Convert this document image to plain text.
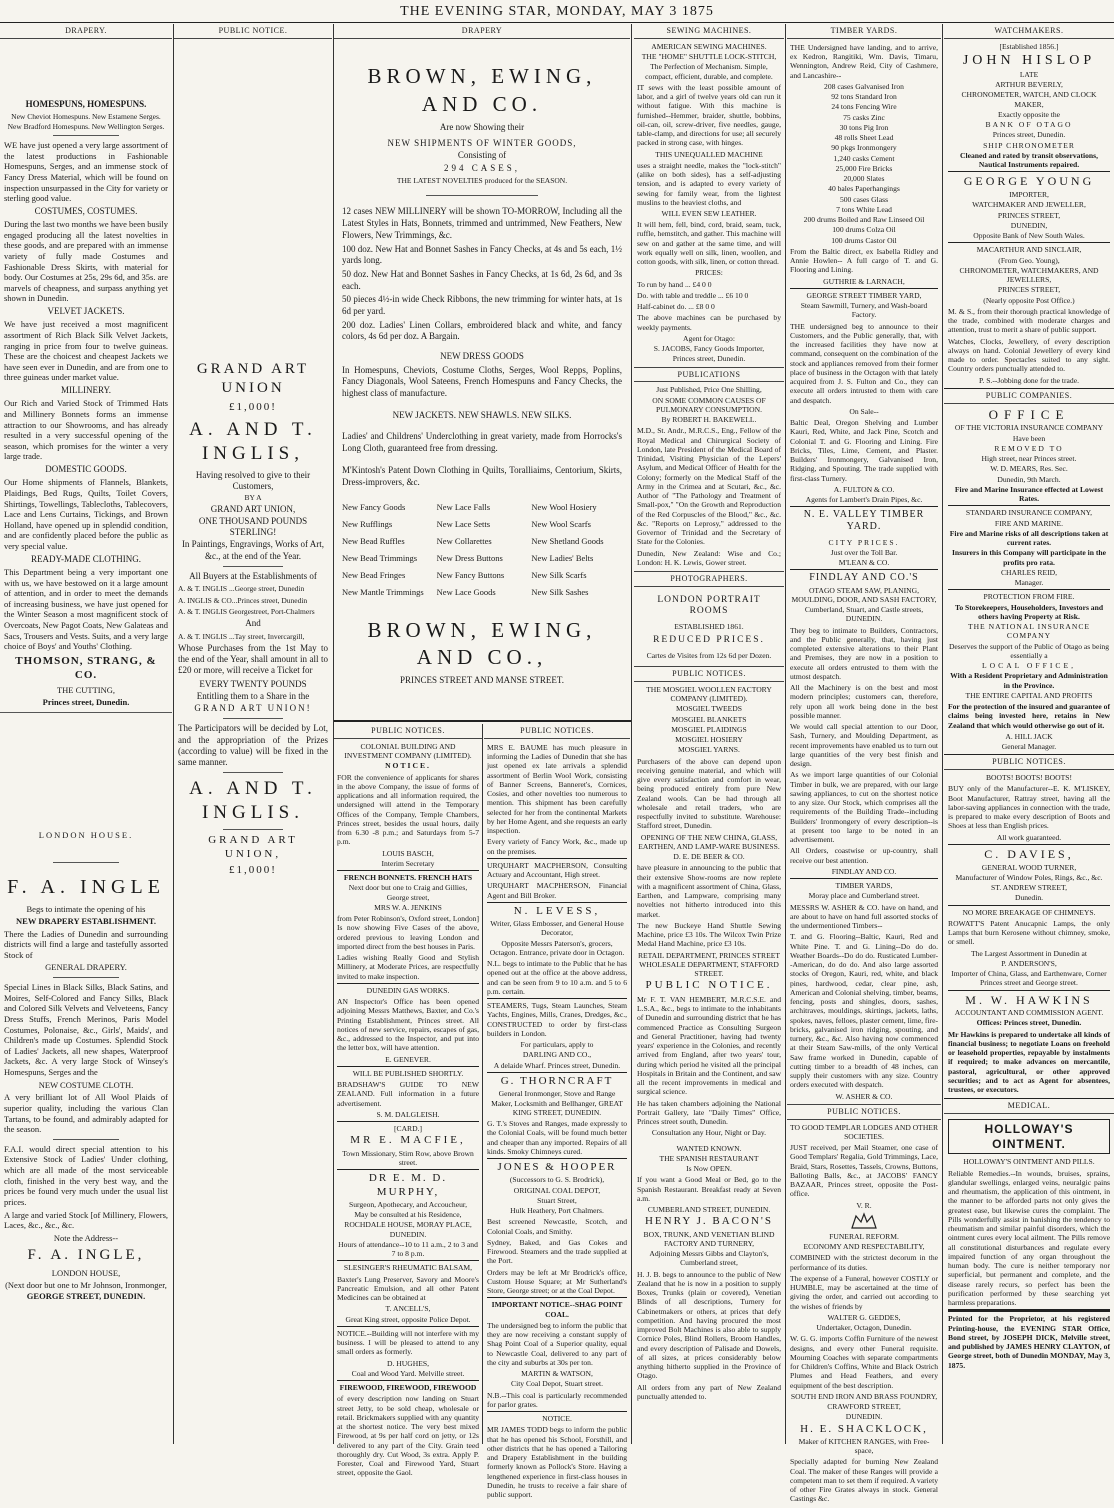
THE EVENING STAR, MONDAY, MAY 3 1875
DRAPERY.
HOMESPUNS, HOMESPUNS.
New Cheviot Homespuns. New Estamene Serges. New Bradford Homespuns. New Wellington Serges.
WE have just opened a very large assortment of the latest productions in Fashionable Homespuns, Serges, and an immense stock of Fancy Dress Material, which will be found on inspection unsurpassed in the City for variety or sterling good value.
COSTUMES, COSTUMES.
During the last two months we have been busily engaged producing all the latest novelties in these goods, and are prepared with an immense variety of fully made Costumes and Fashionable Dress Skirts, with material for body. Our Costumes at 25s, 29s 6d, and 35s. are marvels of cheapness, and surpass anything yet shown in Dunedin.
VELVET JACKETS.
We have just received a most magnificent assortment of Rich Black Silk Velvet Jackets, ranging in price from four to twelve guineas. These are the choicest and cheapest Jackets we have seen ever in Dunedin, and are from one to three guineas under market value.
MILLINERY.
Our Rich and Varied Stock of Trimmed Hats and Millinery Bonnets forms an immense attraction to our Showrooms, and has already resulted in a very successful opening of the season, which promises for the winter a very large trade.
DOMESTIC GOODS.
Our Home shipments of Flannels, Blankets, Plaidings, Bed Rugs, Quilts, Toilet Covers, Shirtings, Towellings, Tablecloths, Tablecovers, Lace and Lens Curtains, Tickings, and Brown Holland, have opened up in splendid condition, and are confidently placed before the public as very special value.
READY-MADE CLOTHING.
This Department being a very important one with us, we have bestowed on it a large amount of attention, and in order to meet the demands of increasing business, we have just opened for the Winter Season a most magnificent stock of Overcoats, New Pagot Coats, New Galateas and Sacs, Trousers and Vests. Suits, and a very large choice of Boys' and Youths' Clothing.
THOMSON, STRANG, & CO.
THE CUTTING,
Princes street, Dunedin.
LONDON HOUSE.
F. A. INGLE
Begs to intimate the opening of his
NEW DRAPERY ESTABLISHMENT.
There the Ladies of Dunedin and surrounding districts will find a large and tastefully assorted Stock of
GENERAL DRAPERY.
Special Lines in Black Silks, Black Satins, and Moires, Self-Colored and Fancy Silks, Black and Colored Silk Velvets and Velveteens, Fancy Dress Stuffs, French Merinos, Paris Model Costumes, Polonaise, &c., Girls', Maids', and Children's made up Costumes. Splendid Stock of Ladies' Jackets, all new shapes, Waterproof Jackets, &c. A very large Stock of Winsey's Homespuns, Serges and the
NEW COSTUME CLOTH.
A very brilliant lot of All Wool Plaids of superior quality, including the various Clan Tartans, to be found, and admirably adapted for the season.
F.A.I. would direct special attention to his Extensive Stock of Ladies' Under clothing, which are all made of the most serviceable cloth, finished in the very best way, and the prices be found very much under the usual list prices.
A large and varied Stock [of Millinery, Flowers, Laces, &c., &c., &c.
Note the Address--
F. A. INGLE,
LONDON HOUSE,
(Next door but one to Mr Johnson, Ironmonger,
GEORGE STREET, DUNEDIN.
PUBLIC NOTICE.
GRAND ART UNION
£1,000!
A. AND T. INGLIS,
Having resolved to give to their Customers,
BY A
GRAND ART UNION,
ONE THOUSAND POUNDS STERLING!
In Paintings, Engravings, Works of Art, &c., at the end of the Year.
All Buyers at the Establishments of
A. & T. INGLIS ...George street, Dunedin
A. INGLIS & CO...Princes street, Dunedin
A. & T. INGLIS Georgestreet, Port-Chalmers
And
A. & T. INGLIS ...Tay street, Invercargill,
Whose Purchases from the 1st May to the end of the Year, shall amount in all to £20 or more, will receive a Ticket for
EVERY TWENTY POUNDS
Entitling them to a Share in the
GRAND ART UNION!
The Participators will be decided by Lot, and the appropriation of the Prizes (according to value) will be fixed in the same manner.
A. AND T. INGLIS.
GRAND ART UNION,
£1,000!
DRAPERY
BROWN, EWING, AND CO.
Are now Showing their
NEW SHIPMENTS OF WINTER GOODS,
Consisting of
294 CASES,
THE LATEST NOVELTIES produced for the SEASON.
12 cases NEW MILLINERY will be shown TO-MORROW, Including all the Latest Styles in Hats, Bonnets, trimmed and untrimmed, New Feathers, New Flowers, New Trimmings, &c.
100 doz. New Hat and Bonnet Sashes in Fancy Checks, at 4s and 5s each, 1½ yards long.
50 doz. New Hat and Bonnet Sashes in Fancy Checks, at 1s 6d, 2s 6d, and 3s each.
50 pieces 4½-in wide Check Ribbons, the new trimming for winter hats, at 1s 6d per yard.
200 doz. Ladies' Linen Collars, embroidered black and white, and fancy colors, 4s 6d per doz. A Bargain.
NEW DRESS GOODS
In Homespuns, Cheviots, Costume Cloths, Serges, Wool Repps, Poplins, Fancy Diagonals, Wool Sateens, French Homespuns and Fancy Checks, the highest class of manufacture.
NEW JACKETS. NEW SHAWLS. NEW SILKS.
Ladies' and Childrens' Underclothing in great variety, made from Horrocks's Long Cloth, guaranteed free from dressing.
M'Kintosh's Patent Down Clothing in Quilts, Toralliaims, Centorium, Skirts, Dress-improvers, &c.
New Fancy Goods	New Lace Falls	New Wool Hosiery
New Rufflings	New Lace Setts	New Wool Scarfs
New Bead Ruffles	New Collarettes	New Shetland Goods
New Bead Trimmings	New Dress Buttons	New Ladies' Belts
New Bead Fringes	New Fancy Buttons	New Silk Scarfs
New Mantle Trimmings	New Lace Goods	New Silk Sashes
BROWN, EWING, AND CO.,
PRINCES STREET AND MANSE STREET.
PUBLIC NOTICES.
COLONIAL BUILDING AND INVESTMENT COMPANY (LIMITED).
NOTICE.
FOR the convenience of applicants for shares in the above Company, the issue of forms of applications and all information required, the undersigned will attend in the Temporary Offices of the Company, Temple Chambers, Princes street, besides the usual hours, daily from 6.30 -8 p.m.; and Saturdays from 5-7 p.m.
LOUIS BASCH,
Interim Secretary
FRENCH BONNETS. FRENCH HATS
Next door but one to Craig and Gillies, George street,
MRS W. A. JENKINS
from Peter Robinson's, Oxford street, London] Is now showing Five Cases of the above, ordered previous to leaving London and imported direct from the best houses in Paris.
Ladies wishing Really Good and Stylish Millinery, at Moderate Prices, are respectfully invited to make inspection.
DUNEDIN GAS WORKS.
AN Inspector's Office has been opened adjoining Messrs Matthews, Baxter, and Co.'s Printing Establishment, Princes street. All notices of new service, repairs, escapes of gas, &c., addressed to the Inspector, and put into the letter box, will have attention.
E. GENEVER.
WILL BE PUBLISHED SHORTLY.
BRADSHAW'S GUIDE TO NEW ZEALAND. Full information in a future advertisement.
S. M. DALGLEISH.
[CARD.]
MR E. MACFIE,
Town Missionary, Stirn Row, above Brown street.
DR E. M. D. MURPHY,
Surgeon, Apothecary, and Accoucheur,
May be consulted at his Residence,
ROCHDALE HOUSE, MORAY PLACE, DUNEDIN.
Hours of attendance--10 to 11 a.m., 2 to 3 and 7 to 8 p.m.
SLESINGER'S RHEUMATIC BALSAM,
Baxter's Lung Preserver, Savory and Moore's Pancreatic Emulsion, and all other Patent Medicines can be obtained at
T. ANCELL'S,
Great King street, opposite Police Depot.
NOTICE.--Building will not interfere with my business. I will be pleased to attend to any small orders as formerly.
D. HUGHES,
Coal and Wood Yard. Melville street.
FIREWOOD, FIREWOOD, FIREWOOD
of every description now landing on Stuart street Jetty, to be sold cheap, wholesale or retail. Brickmakers supplied with any quantity at the shortest notice. The very best mixed Firewood, at 9s per half cord on jetty, or 12s delivered to any part of the City. Grain teed thoroughly dry. Cut Wood, 3s extra. Apply P. Forester, Coal and Firewood Yard, Stuart street, opposite the Gaol.
PUBLIC NOTICES.
MRS E. BAUME has much pleasure in informing the Ladies of Dunedin that she has just opened ex late arrivals a splendid assortment of Berlin Wool Work, consisting of Banner Screens, Banneret's, Cornices, Cosies, and other novelties too numerous to mention. This shipment has been carefully selected for her from the continental Markets by her Home Agent, and she requests an early inspection.
Every variety of Fancy Work, &c., made up on the premises.
URQUHART MACPHERSON, Consulting Actuary and Accountant, High street.
URQUHART MACPHERSON, Financial Agent and Bill Broker.
N. LEVESS,
Writer, Glass Embosser, and General House Decorator,
Opposite Messrs Paterson's, grocers, Octagon. Entrance, private door in Octagon.
N.L. begs to intimate to the Public that he has opened out at the office at the above address, and can be seen from 9 to 10 a.m. and 5 to 6 p.m. certain.
STEAMERS, Tugs, Steam Launches, Steam Yachts, Engines, Mills, Cranes, Dredges, &c., CONSTRUCTED to order by first-class builders in London.
For particulars, apply to
DARLING AND CO.,
A delaide Wharf. Princes street, Dunedin.
G. THORNCRAFT
General Ironmonger, Stove and Range Maker, Locksmith and Bellhanger, GREAT KING STREET, DUNEDIN.
G. T.'s Stoves and Ranges, made expressly to the Colonial Coals, will be found much better and cheaper than any imported. Repairs of all kinds. Smoky Chimneys cured.
JONES & HOOPER
(Successors to G. S. Brodrick),
ORIGINAL COAL DEPOT,
Stuart Street,
Hulk Heathery, Port Chalmers.
Best screened Newcastle, Scotch, and Colonial Coals, and Smithy.
Sydney, Baked, and Gas Cokes and Firewood. Steamers and the trade supplied at the Port.
Orders may be left at Mr Brodrick's office, Custom House Square; at Mr Sutherland's Store, George street; or at the Coal Depot.
IMPORTANT NOTICE--SHAG POINT COAL.
The undersigned beg to inform the public that they are now receiving a constant supply of Shag Point Coal of a Superior quality, equal to Newcastle Coal, delivered to any part of the city and suburbs at 30s per ton.
MARTIN & WATSON,
City Coal Depot, Stuart street.
N.B.--This coal is particularly recommended for parlor grates.
NOTICE.
MR JAMES TODD begs to inform the public that he has opened his School, Forsthill, and other districts that he has opened a Tailoring and Drapery Establishment in the building formerly known as Pollock's Store. Having a lengthened experience in first-class houses in Dunedin, he trusts to receive a fair share of public support.
SEWING MACHINES.
AMERICAN SEWING MACHINES.
THE "HOME" SHUTTLE LOCK-STITCH,
The Perfection of Mechanism. Simple, compact, efficient, durable, and complete.
IT sews with the least possible amount of labor, and a girl of twelve years old can run it without fatigue. With this machine is furnished--Hemmer, braider, shuttle, bobbins, oil-can, oil, screw-driver, five needles, gauge, table-clamp, and directions for use; all securely packed in strong case, with hinges.
THIS UNEQUALLED MACHINE
uses a straight needle, makes the "lock-stitch" (alike on both sides), has a self-adjusting tension, and is adapted to every variety of sewing for family wear, from the lightest muslins to the heaviest cloths, and
WILL EVEN SEW LEATHER.
It will hem, fell, bind, cord, braid, seam, tuck, ruffle, hemstitch, and gather. This machine will sew on and gather at the same time, and will work equally well on silk, linen, woollen, and cotton goods, with silk, linen, or cotton thread.
PRICES:
To run by hand ... £4 0 0
Do. with table and treddle ... £6 10 0
Half-cabinet do. ... £8 0 0
The above machines can be purchased by weekly payments.
Agent for Otago:
S. JACOBS, Fancy Goods Importer,
Princes street, Dunedin.
PUBLICATIONS
Just Published, Price One Shilling,
ON SOME COMMON CAUSES OF PULMONARY CONSUMPTION.
By ROBERT H. BAKEWELL.
M.D., St. Andr., M.R.C.S., Eng., Fellow of the Royal Medical and Chirurgical Society of London, late President of the Medical Board of Trinidad, Visiting Physician of the Lepers' Asylum, and Medical Officer of Health for the Colony; formerly on the Medical Staff of the Army in the Crimea and at Scutari, &c., &c. Author of "The Pathology and Treatment of Small-pox," "On the Growth and Reproduction of the Red Corpuscles of the Blood," &c., &c. &c. "Reports on Leprosy," addressed to the Governor of Trinidad and the Secretary of State for the Colonies.
Dunedin, New Zealand: Wise and Co.; London: H. K. Lewis, Gower street.
PHOTOGRAPHERS.
LONDON PORTRAIT ROOMS
ESTABLISHED 1861.
REDUCED PRICES.
Cartes de Visites from 12s 6d per Dozen.
PUBLIC NOTICES.
THE MOSGIEL WOOLLEN FACTORY COMPANY (LIMITED).
MOSGIEL TWEEDS
MOSGIEL BLANKETS
MOSGIEL PLAIDINGS
MOSGIEL HOSIERY
MOSGIEL YARNS.
Purchasers of the above can depend upon receiving genuine material, and which will give every satisfaction and comfort in wear, being produced entirely from pure New Zealand wools. Can be had through all wholesale and retail traders, who are respectfully invited to substitute. Warehouse: Stafford street, Dunedin.
OPENING OF THE NEW CHINA, GLASS, EARTHEN, AND LAMP-WARE BUSINESS.
D. E. DE BEER & CO.
have pleasure in announcing to the public that their extensive Show-rooms are now replete with a magnificent assortment of China, Glass, Earthen, and Lampware, comprising many novelties not hitherto introduced into this market.
The new Buckeye Hand Shuttle Sewing Machine, price £3 10s. The Wilcox Twin Prize Medal Hand Machine, price £3 10s.
RETAIL DEPARTMENT, PRINCES STREET WHOLESALE DEPARTMENT, STAFFORD STREET.
PUBLIC NOTICE.
Mr F. T. VAN HEMBERT, M.R.C.S.E. and L.S.A., &c., begs to intimate to the inhabitants of Dunedin and surrounding district that he has commenced Practice as Consulting Surgeon and General Practitioner, having had twenty years' experience in the Colonies, and recently arrived from England, after two years' tour, during which period he visited all the principal Hospitals in Britain and the Continent, and saw all the recent improvements in medical and surgical science.
He has taken chambers adjoining the National Portrait Gallery, late "Daily Times" Office, Princes street south, Dunedin.
Consultation any Hour, Night or Day.
WANTED KNOWN.
THE SPANISH RESTAURANT
Is Now OPEN.
If you want a Good Meal or Bed, go to the Spanish Restaurant. Breakfast ready at Seven a.m.
CUMBERLAND STREET, DUNEDIN.
HENRY J. BACON'S
BOX, TRUNK, AND VENETIAN BLIND FACTORY AND TURNERY,
Adjoining Messrs Gibbs and Clayton's, Cumberland street,
H. J. B. begs to announce to the public of New Zealand that he is now in a position to supply Boxes, Trunks (plain or covered), Venetian Blinds of all descriptions, Turnery for Cabinetmakers or others, at prices that defy competition. And having procured the most improved Bolt Machines is also able to supply Cornice Poles, Blind Rollers, Broom Handles, and every description of Palisade and Dowels, of all sizes, at prices considerably below anything hitherto supplied in the Province of Otago.
All orders from any part of New Zealand punctually attended to.
TIMBER YARDS.
THE Undersigned have landing, and to arrive, ex Kedron, Rangitiki, Wm. Davis, Timaru, Wennington, Andrew Reid, City of Cashmere, and Lancashire--
208 cases Galvanised Iron
92 tons Standard Iron
24 tons Fencing Wire
75 casks Zinc
30 tons Pig Iron
48 rolls Sheet Lead
90 pkgs Ironmongery
1,240 casks Cement
25,000 Fire Bricks
20,000 Slates
40 bales Paperhangings
500 cases Glass
7 tons White Lead
200 drums Boiled and Raw Linseed Oil
100 drums Colza Oil
100 drums Castor Oil
From the Baltic direct, ex Isabella Ridley and Annie Howlen-- A full cargo of T. and G. Flooring and Lining.
GUTHRIE & LARNACH,
GEORGE STREET TIMBER YARD,
Steam Sawmill, Turnery, and Wash-board Factory.
THE undersigned beg to announce to their Customers, and the Public generally, that, with the increased facilities they have now at command, consequent on the combination of the stock and appliances removed from their former place of business in the Octagon with that lately acquired from J. S. Fulton and Co., they can execute all orders intrusted to them with care and despatch.
On Sale--
Baltic Deal, Oregon Shelving and Lumber Kauri, Red, White, and Jack Pine, Scotch and Colonial T. and G. Flooring and Lining. Fire Bricks, Tiles, Lime, Cement, and Plaster. Builders' Ironmongery, Galvanised Iron, Ridging, and Spouting. The trade supplied with first-class Turnery.
A. FULTON & CO.
Agents for Lambert's Drain Pipes, &c.
N. E. VALLEY TIMBER YARD.
CITY PRICES.
Just over the Toll Bar.
M'LEAN & CO.
FINDLAY AND CO.'S
OTAGO STEAM SAW, PLANING, MOULDING, DOOR, AND SASH FACTORY,
Cumberland, Stuart, and Castle streets, DUNEDIN.
They beg to intimate to Builders, Contractors, and the Public generally, that, having just completed extensive alterations to their Plant and Premises, they are now in a position to execute all orders entrusted to them with the utmost despatch.
All the Machinery is on the best and most modern principles; customers can, therefore, rely upon all work being done in the best possible manner.
We would call special attention to our Door, Sash, Turnery, and Moulding Department, as recent improvements have enabled us to turn out large quantities of the very best finish and design.
As we import large quantities of our Colonial Timber in bulk, we are prepared, with our large sawing appliances, to cut on the shortest notice to any size. Our Stock, which comprises all the requirements of the Building Trade--including Builders' Ironmongery of every description--is at present too large to be noted in an advertisement.
All Orders, coastwise or up-country, shall receive our best attention.
FINDLAY AND CO.
TIMBER YARDS,
Moray place and Cumberland street.
MESSRS W. ASHER & CO. have on hand, and are about to have on hand full assorted stocks of the undermentioned Timbers--
T. and G. Flooring--Baltic, Kauri, Red and White Pine. T. and G. Lining--Do do do. Weather Boards--Do do do. Rusticated Lumber--American, do do do. And also large assorted stocks of Oregon, Kauri, red, white, and black pines, hardwood, cedar, clear pine, ash, American and Colonial shelving, timber, beams, fencing, posts and shingles, doors, sashes, architraves, mouldings, skirtings, jackets, laths, spokes, naves, felloes, plaster cement, lime, fire-bricks, galvanised iron ridging, spouting, and turnery, &c., &c. Also having now commenced at their Steam Saw-mills, of the only Vertical Saw frame worked in Dunedin, capable of cutting timber to a breadth of 48 inches, can supply their customers with any size. Country orders executed with despatch.
W. ASHER & CO.
PUBLIC NOTICES.
TO GOOD TEMPLAR LODGES AND OTHER SOCIETIES.
JUST received, per Mail Steamer, one case of Good Templars' Regalia, Gold Trimmings, Lace, Braid, Stars, Rosettes, Tassels, Crowns, Buttons, Balloting Balls, &c., at JACOBS' FANCY BAZAAR, Princes street, opposite the Post-office.
V. R.
FUNERAL REFORM.
ECONOMY AND RESPECTABILITY,
COMBINED with the strictest decorum in the performance of its duties.
The expense of a Funeral, however COSTLY or HUMBLE, may be ascertained at the time of giving the order, and carried out according to the wishes of friends by
WALTER G. GEDDES,
Undertaker, Octagon, Dunedin.
W. G. G. imports Coffin Furniture of the newest designs, and every other Funeral requisite. Mourning Coaches with separate compartments for Children's Coffins, White and Black Ostrich Plumes and Head Feathers, and every equipment of the best description.
SOUTH END IRON AND BRASS FOUNDRY,
CRAWFORD STREET,
DUNEDIN.
H. E. SHACKLOCK,
Maker of KITCHEN RANGES, with Free-space,
Specially adapted for burning New Zealand Coal. The maker of these Ranges will provide a competent man to set them if required. A variety of other Fire Grates always in stock. General Castings &c.
WATCHMAKERS.
[Established 1856.]
JOHN HISLOP
LATE
ARTHUR BEVERLY,
CHRONOMETER, WATCH, AND CLOCK MAKER,
Exactly opposite the
BANK OF OTAGO
Princes street, Dunedin.
SHIP CHRONOMETER
Cleaned and rated by transit observations, Nautical Instruments repaired.
GEORGE YOUNG
IMPORTER,
WATCHMAKER AND JEWELLER,
PRINCES STREET,
DUNEDIN,
Opposite Bank of New South Wales.
MACARTHUR AND SINCLAIR,
(From Geo. Young),
CHRONOMETER, WATCHMAKERS, AND JEWELLERS,
PRINCES STREET,
(Nearly opposite Post Office.)
M. & S., from their thorough practical knowledge of the trade, combined with moderate charges and attention, trust to merit a share of public support.
Watches, Clocks, Jewellery, of every description always on hand. Colonial Jewellery of every kind made to order. Spectacles suited to any sight. Country orders punctually attended to.
P. S.--Jobbing done for the trade.
PUBLIC COMPANIES.
OFFICE
OF THE VICTORIA INSURANCE COMPANY
Have been
REMOVED TO
High street, near Princes street.
W. D. MEARS, Res. Sec.
Dunedin, 9th March.
Fire and Marine Insurance effected at Lowest Rates.
STANDARD INSURANCE COMPANY,
FIRE AND MARINE.
Fire and Marine risks of all descriptions taken at current rates.
Insurers in this Company will participate in the profits pro rata.
CHARLES REID,
Manager.
PROTECTION FROM FIRE.
To Storekeepers, Householders, Investors and others having Property at Risk.
THE NATIONAL INSURANCE COMPANY
Deserves the support of the Public of Otago as being essentially a
LOCAL OFFICE,
With a Resident Proprietary and Administration in the Province.
THE ENTIRE CAPITAL AND PROFITS
For the protection of the insured and guarantee of claims being invested here, retains in New Zealand that which would otherwise go out of it.
A. HILL JACK
General Manager.
PUBLIC NOTICES.
BOOTS! BOOTS! BOOTS!
BUY only of the Manufacturer--E. K. M'LISKEY, Boot Manufacturer, Rattray street, having all the labor-saving appliances in connection with the trade, is prepared to make every description of Boots and Shoes at less than English prices.
All work guaranteed.
C. DAVIES,
GENERAL WOOD TURNER,
Manufacturer of Window Poles, Rings, &c., &c.
ST. ANDREW STREET,
Dunedin.
NO MORE BREAKAGE OF CHIMNEYS.
ROWATT'S Patent Anucapnic Lamps, the only Lamps that burn Kerosene without chimney, smoke, or smell.
The Largest Assortment in Dunedin at
P. ANDERSON'S,
Importer of China, Glass, and Earthenware, Corner Princes street and George street.
M. W. HAWKINS
ACCOUNTANT AND COMMISSION AGENT.
Offices: Princes street, Dunedin.
Mr Hawkins is prepared to undertake all kinds of financial business; to negotiate Loans on freehold or leasehold properties, repayable by instalments if required; to make advances on mercantile, pastoral, agricultural, or other approved securities; and to act as Agent for absentees, trustees, or executors.
MEDICAL.
HOLLOWAY'S OINTMENT.
HOLLOWAY'S OINTMENT AND PILLS.
Reliable Remedies.--In wounds, bruises, sprains, glandular swellings, enlarged veins, neuralgic pains and rheumatism, the application of this ointment, in the manner to be afforded parts not only gives the greatest ease, but likewise cures the complaint. The Pills wonderfully assist in banishing the tendency to rheumatism and similar painful disorders, which the ointment cures every local ailment. The Pills remove all constitutional disturbances and regulate every impaired function of any organ throughout the human body. The cure is neither temporary nor superficial, but permanent and complete, and the disease rarely recurs, so perfect has been the purification performed by these searching yet harmless preparations.
Printed for the Proprietor, at his registered Printing-house, the EVENING STAR Office, Bond street, by JOSEPH DICK, Melville street, and published by JAMES HENRY CLAYTON, of George street, both of Dunedin MONDAY, May 3, 1875.
